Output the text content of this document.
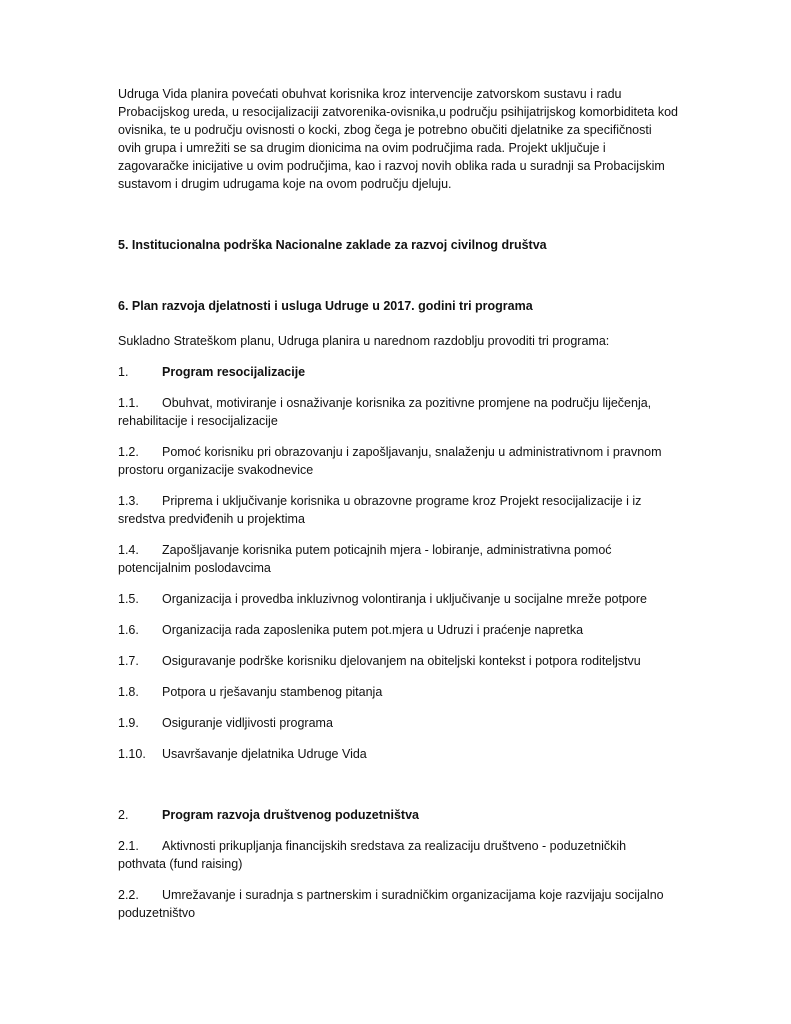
Udruga Vida planira povećati obuhvat korisnika kroz intervencije zatvorskom sustavu i radu Probacijskog ureda, u resocijalizaciji zatvorenika-ovisnika,u području psihijatrijskog komorbiditeta kod ovisnika, te u području ovisnosti o kocki, zbog čega je potrebno obučiti djelatnike za specifičnosti ovih grupa i umrežiti se sa drugim dionicima na ovim područjima rada. Projekt uključuje i zagovaračke inicijative u ovim područjima, kao i razvoj novih oblika rada u suradnji sa Probacijskim sustavom i drugim udrugama koje na ovom području djeluju.

5. Institucionalna podrška Nacionalne zaklade za razvoj civilnog društva

6. Plan razvoja djelatnosti i usluga Udruge u 2017. godini tri programa

Sukladno Strateškom planu, Udruga planira u narednom razdoblju provoditi tri programa:

1.	Program resocijalizacije
1.1. Obuhvat, motiviranje i osnaživanje korisnika za pozitivne promjene na području liječenja,
rehabilitacije i resocijalizacije
1.2. Pomoć korisniku pri obrazovanju i zapošljavanju, snalaženju u administrativnom i pravnom
prostoru organizacije svakodnevice
1.3. Priprema i uključivanje korisnika u obrazovne programe kroz Projekt resocijalizacije i iz
sredstva predviđenih u projektima
1.4. Zapošljavanje korisnika putem poticajnih mjera - lobiranje, administrativna pomoć
potencijalnim poslodavcima
1.5.	Organizacija i provedba inkluzivnog volontiranja i uključivanje u socijalne mreže potpore
1.6.	Organizacija rada zaposlenika putem pot.mjera u Udruzi i praćenje napretka
1.7.	Osiguravanje podrške korisniku djelovanjem na obiteljski kontekst i potpora roditeljstvu
1.8.	Potpora u rješavanju stambenog pitanja
1.9.	Osiguranje vidljivosti programa
1.10.	Usavršavanje djelatnika Udruge Vida
2.	Program razvoja društvenog poduzetništva
2.1. Aktivnosti prikupljanja financijskih sredstava za realizaciju društveno - poduzetničkih
pothvata (fund raising)
2.2. Umrežavanje i suradnja s partnerskim i suradničkim organizacijama koje razvijaju socijalno
poduzetništvo
